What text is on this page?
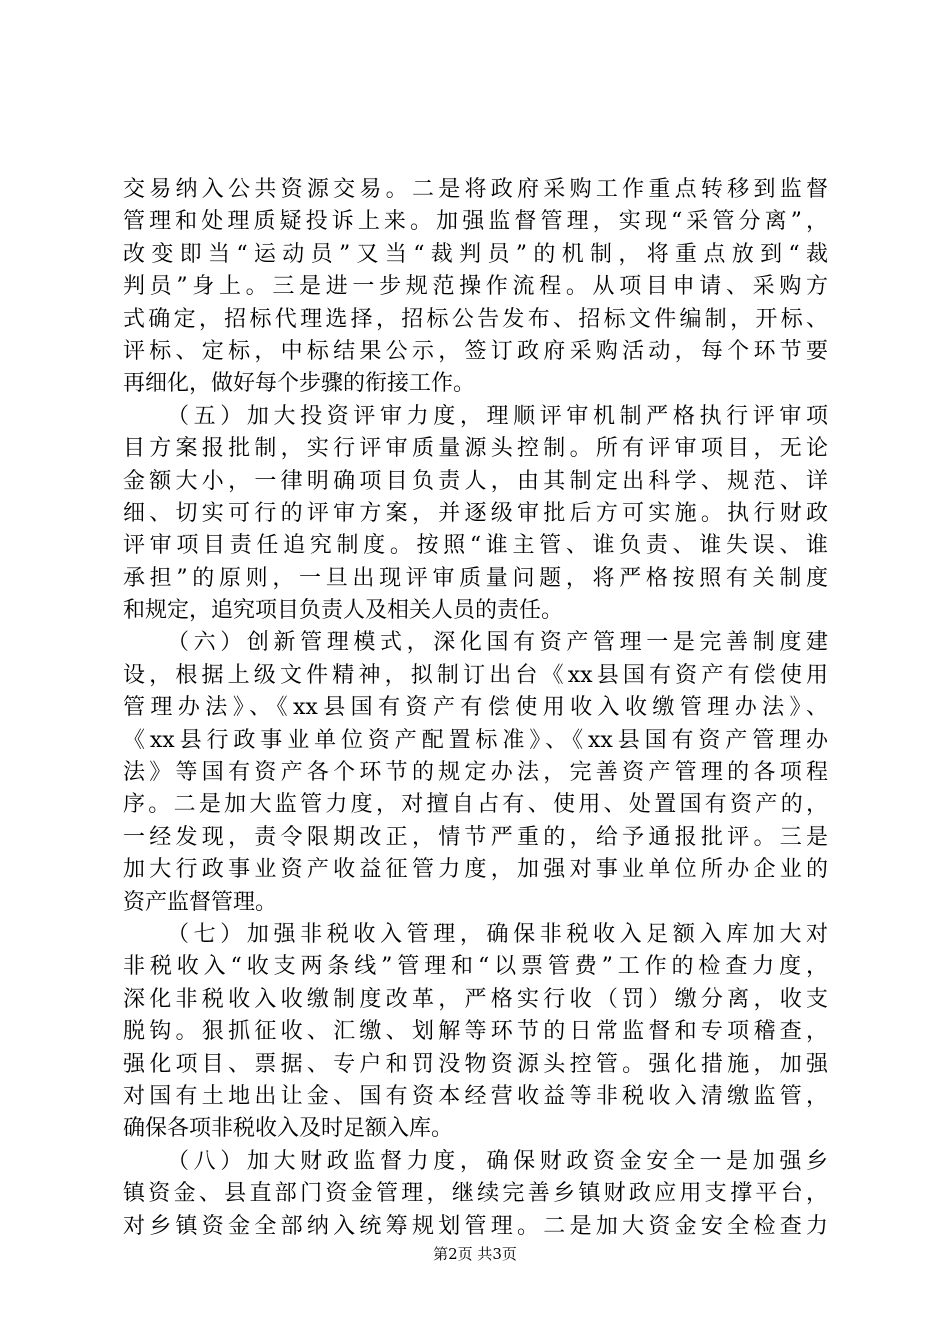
交易纳入公共资源交易。二是将政府采购工作重点转移到监督
管理和处理质疑投诉上来。加强监督管理，实现“采管分离”，
改变即当“运动员”又当“裁判员”的机制，将重点放到“裁
判员”身上。三是进一步规范操作流程。从项目申请、采购方
式确定，招标代理选择，招标公告发布、招标文件编制，开标、
评标、定标，中标结果公示，签订政府采购活动，每个环节要
再细化，做好每个步骤的衔接工作。
（五）加大投资评审力度，理顺评审机制严格执行评审项
目方案报批制，实行评审质量源头控制。所有评审项目，无论
金额大小，一律明确项目负责人，由其制定出科学、规范、详
细、切实可行的评审方案，并逐级审批后方可实施。执行财政
评审项目责任追究制度。按照“谁主管、谁负责、谁失误、谁
承担”的原则，一旦出现评审质量问题，将严格按照有关制度
和规定，追究项目负责人及相关人员的责任。
（六）创新管理模式，深化国有资产管理一是完善制度建
设，根据上级文件精神，拟制订出台《xx县国有资产有偿使用
管理办法》、《xx县国有资产有偿使用收入收缴管理办法》、
《xx县行政事业单位资产配置标准》、《xx县国有资产管理办
法》等国有资产各个环节的规定办法，完善资产管理的各项程
序。二是加大监管力度，对擅自占有、使用、处置国有资产的，
一经发现，责令限期改正，情节严重的，给予通报批评。三是
加大行政事业资产收益征管力度，加强对事业单位所办企业的
资产监督管理。
（七）加强非税收入管理，确保非税收入足额入库加大对
非税收入“收支两条线”管理和“以票管费”工作的检查力度，
深化非税收入收缴制度改革，严格实行收（罚）缴分离，收支
脱钩。狠抓征收、汇缴、划解等环节的日常监督和专项稽查，
强化项目、票据、专户和罚没物资源头控管。强化措施，加强
对国有土地出让金、国有资本经营收益等非税收入清缴监管，
确保各项非税收入及时足额入库。
（八）加大财政监督力度，确保财政资金安全一是加强乡
镇资金、县直部门资金管理，继续完善乡镇财政应用支撑平台，
对乡镇资金全部纳入统筹规划管理。二是加大资金安全检查力
第2页 共3页
